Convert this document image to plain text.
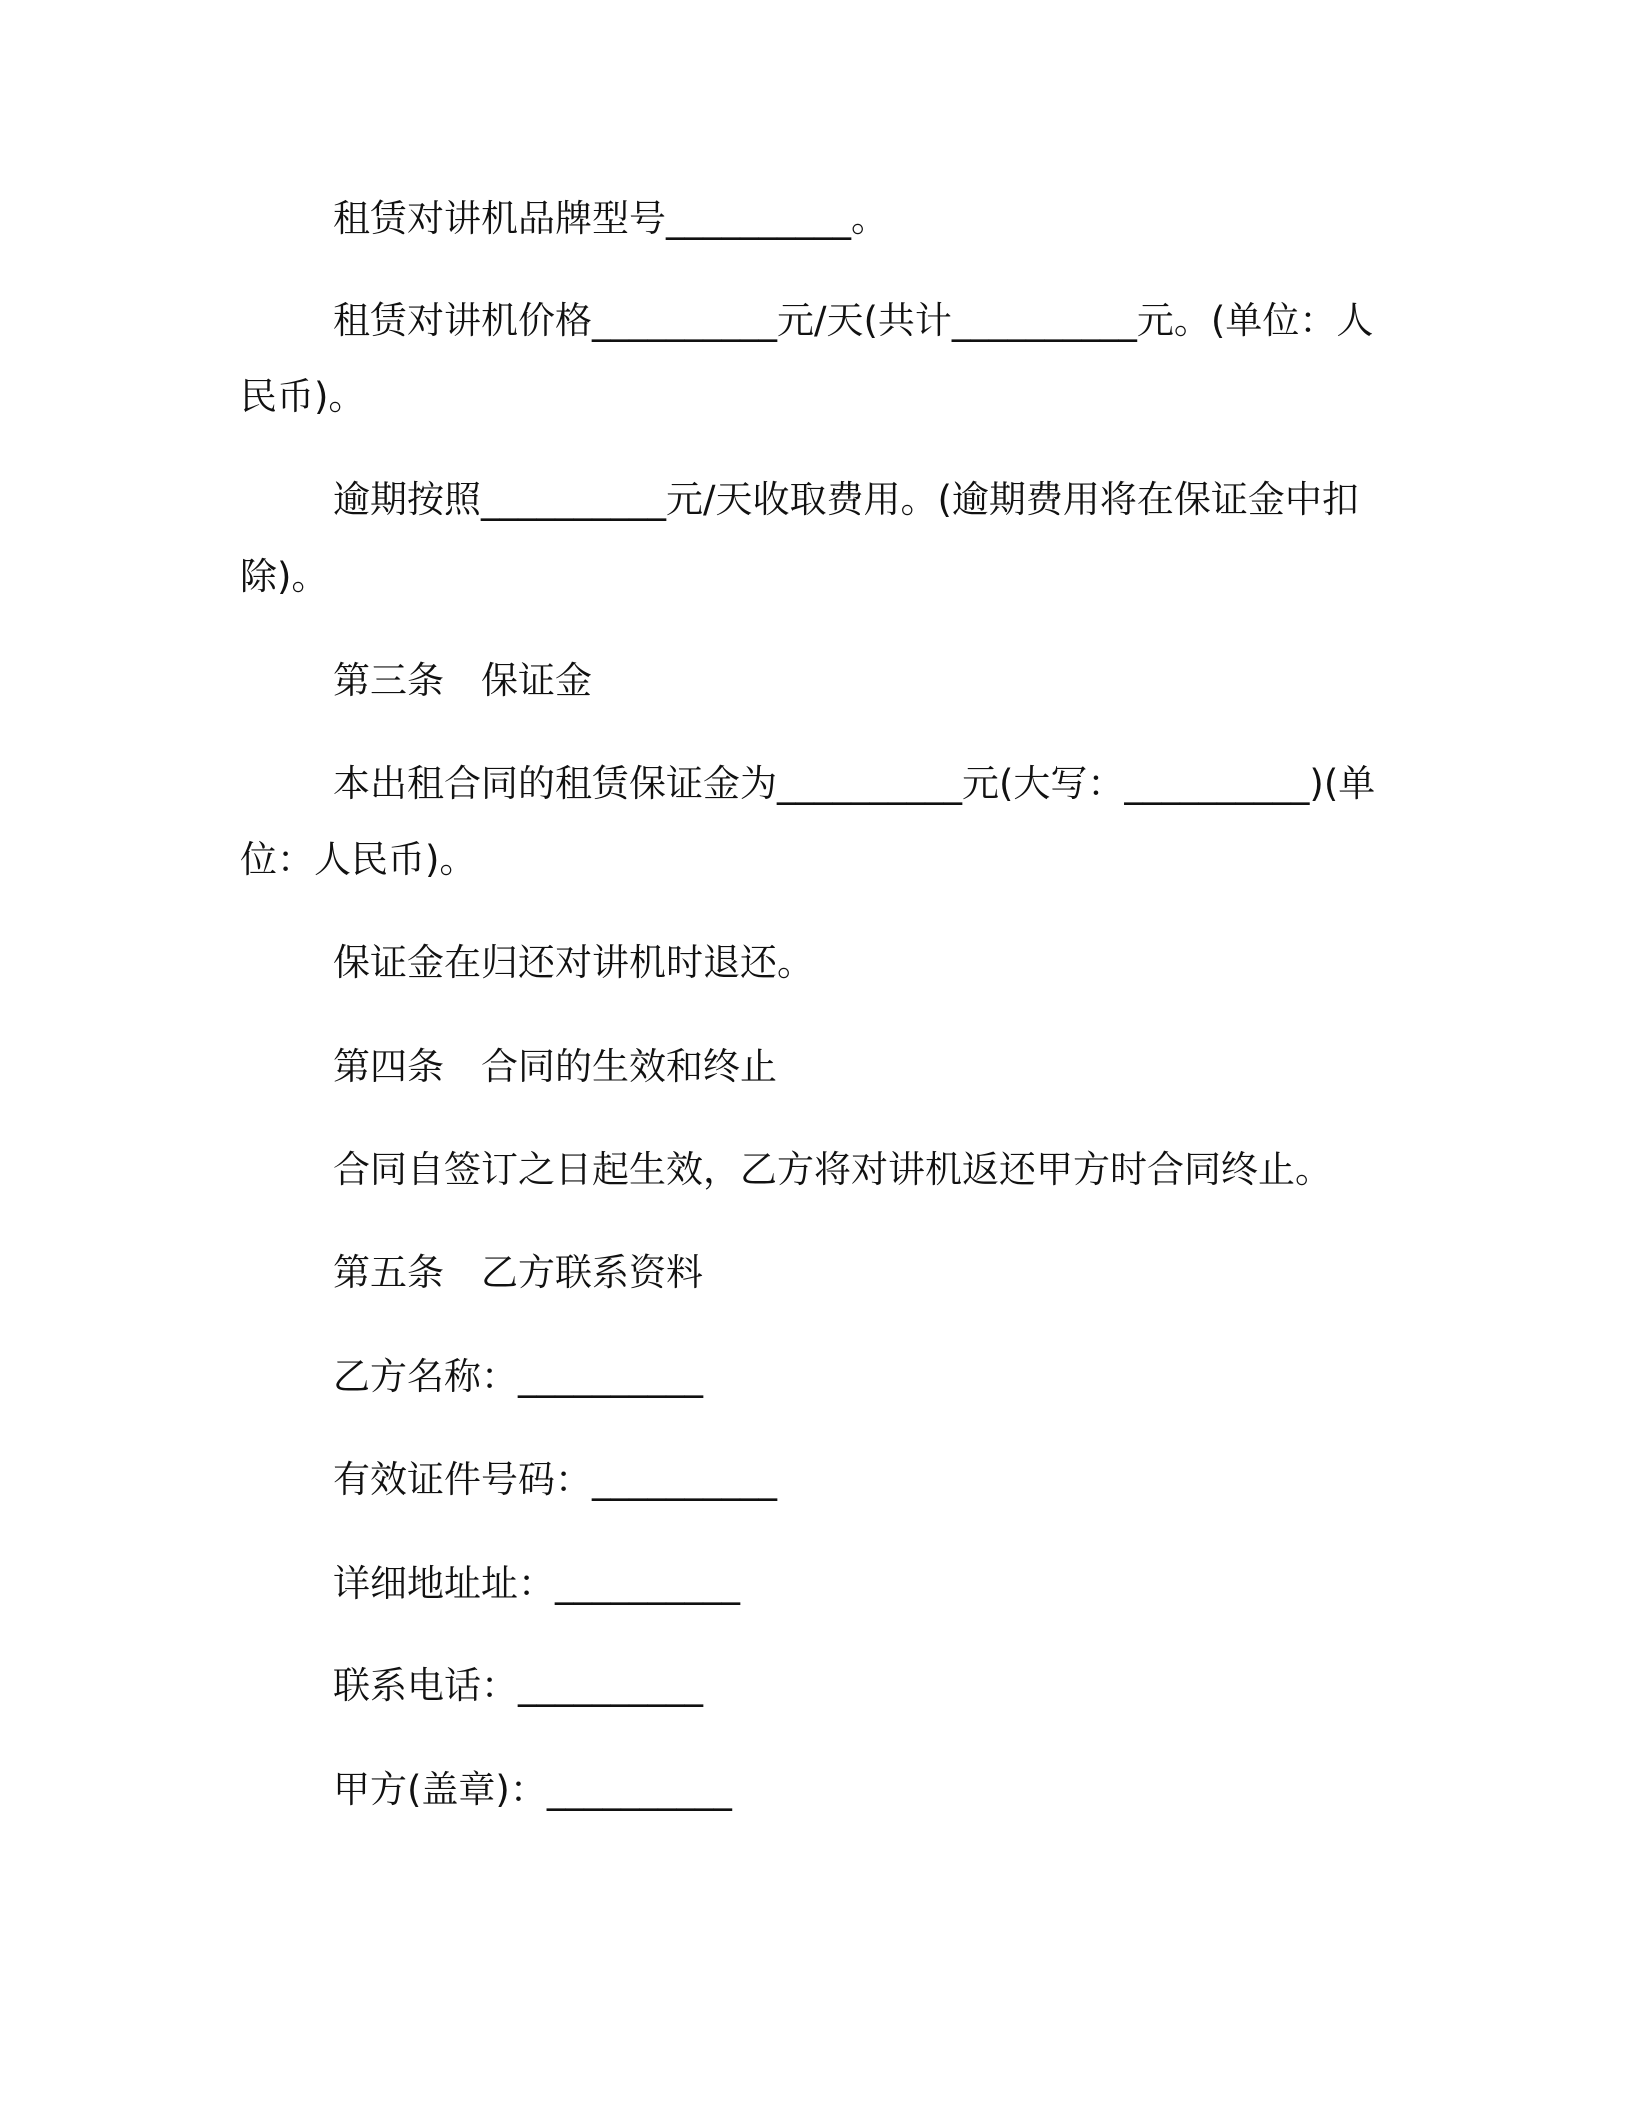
租赁对讲机品牌型号__________。
租赁对讲机价格__________元/天(共计__________元。(单位：人
民币)。
逾期按照__________元/天收取费用。(逾期费用将在保证金中扣
除)。
第三条　保证金
本出租合同的租赁保证金为__________元(大写：__________)(单
位：人民币)。
保证金在归还对讲机时退还。
第四条　合同的生效和终止
合同自签订之日起生效，乙方将对讲机返还甲方时合同终止。
第五条　乙方联系资料
乙方名称：__________
有效证件号码：__________
详细地址址：__________
联系电话：__________
甲方(盖章)：__________
